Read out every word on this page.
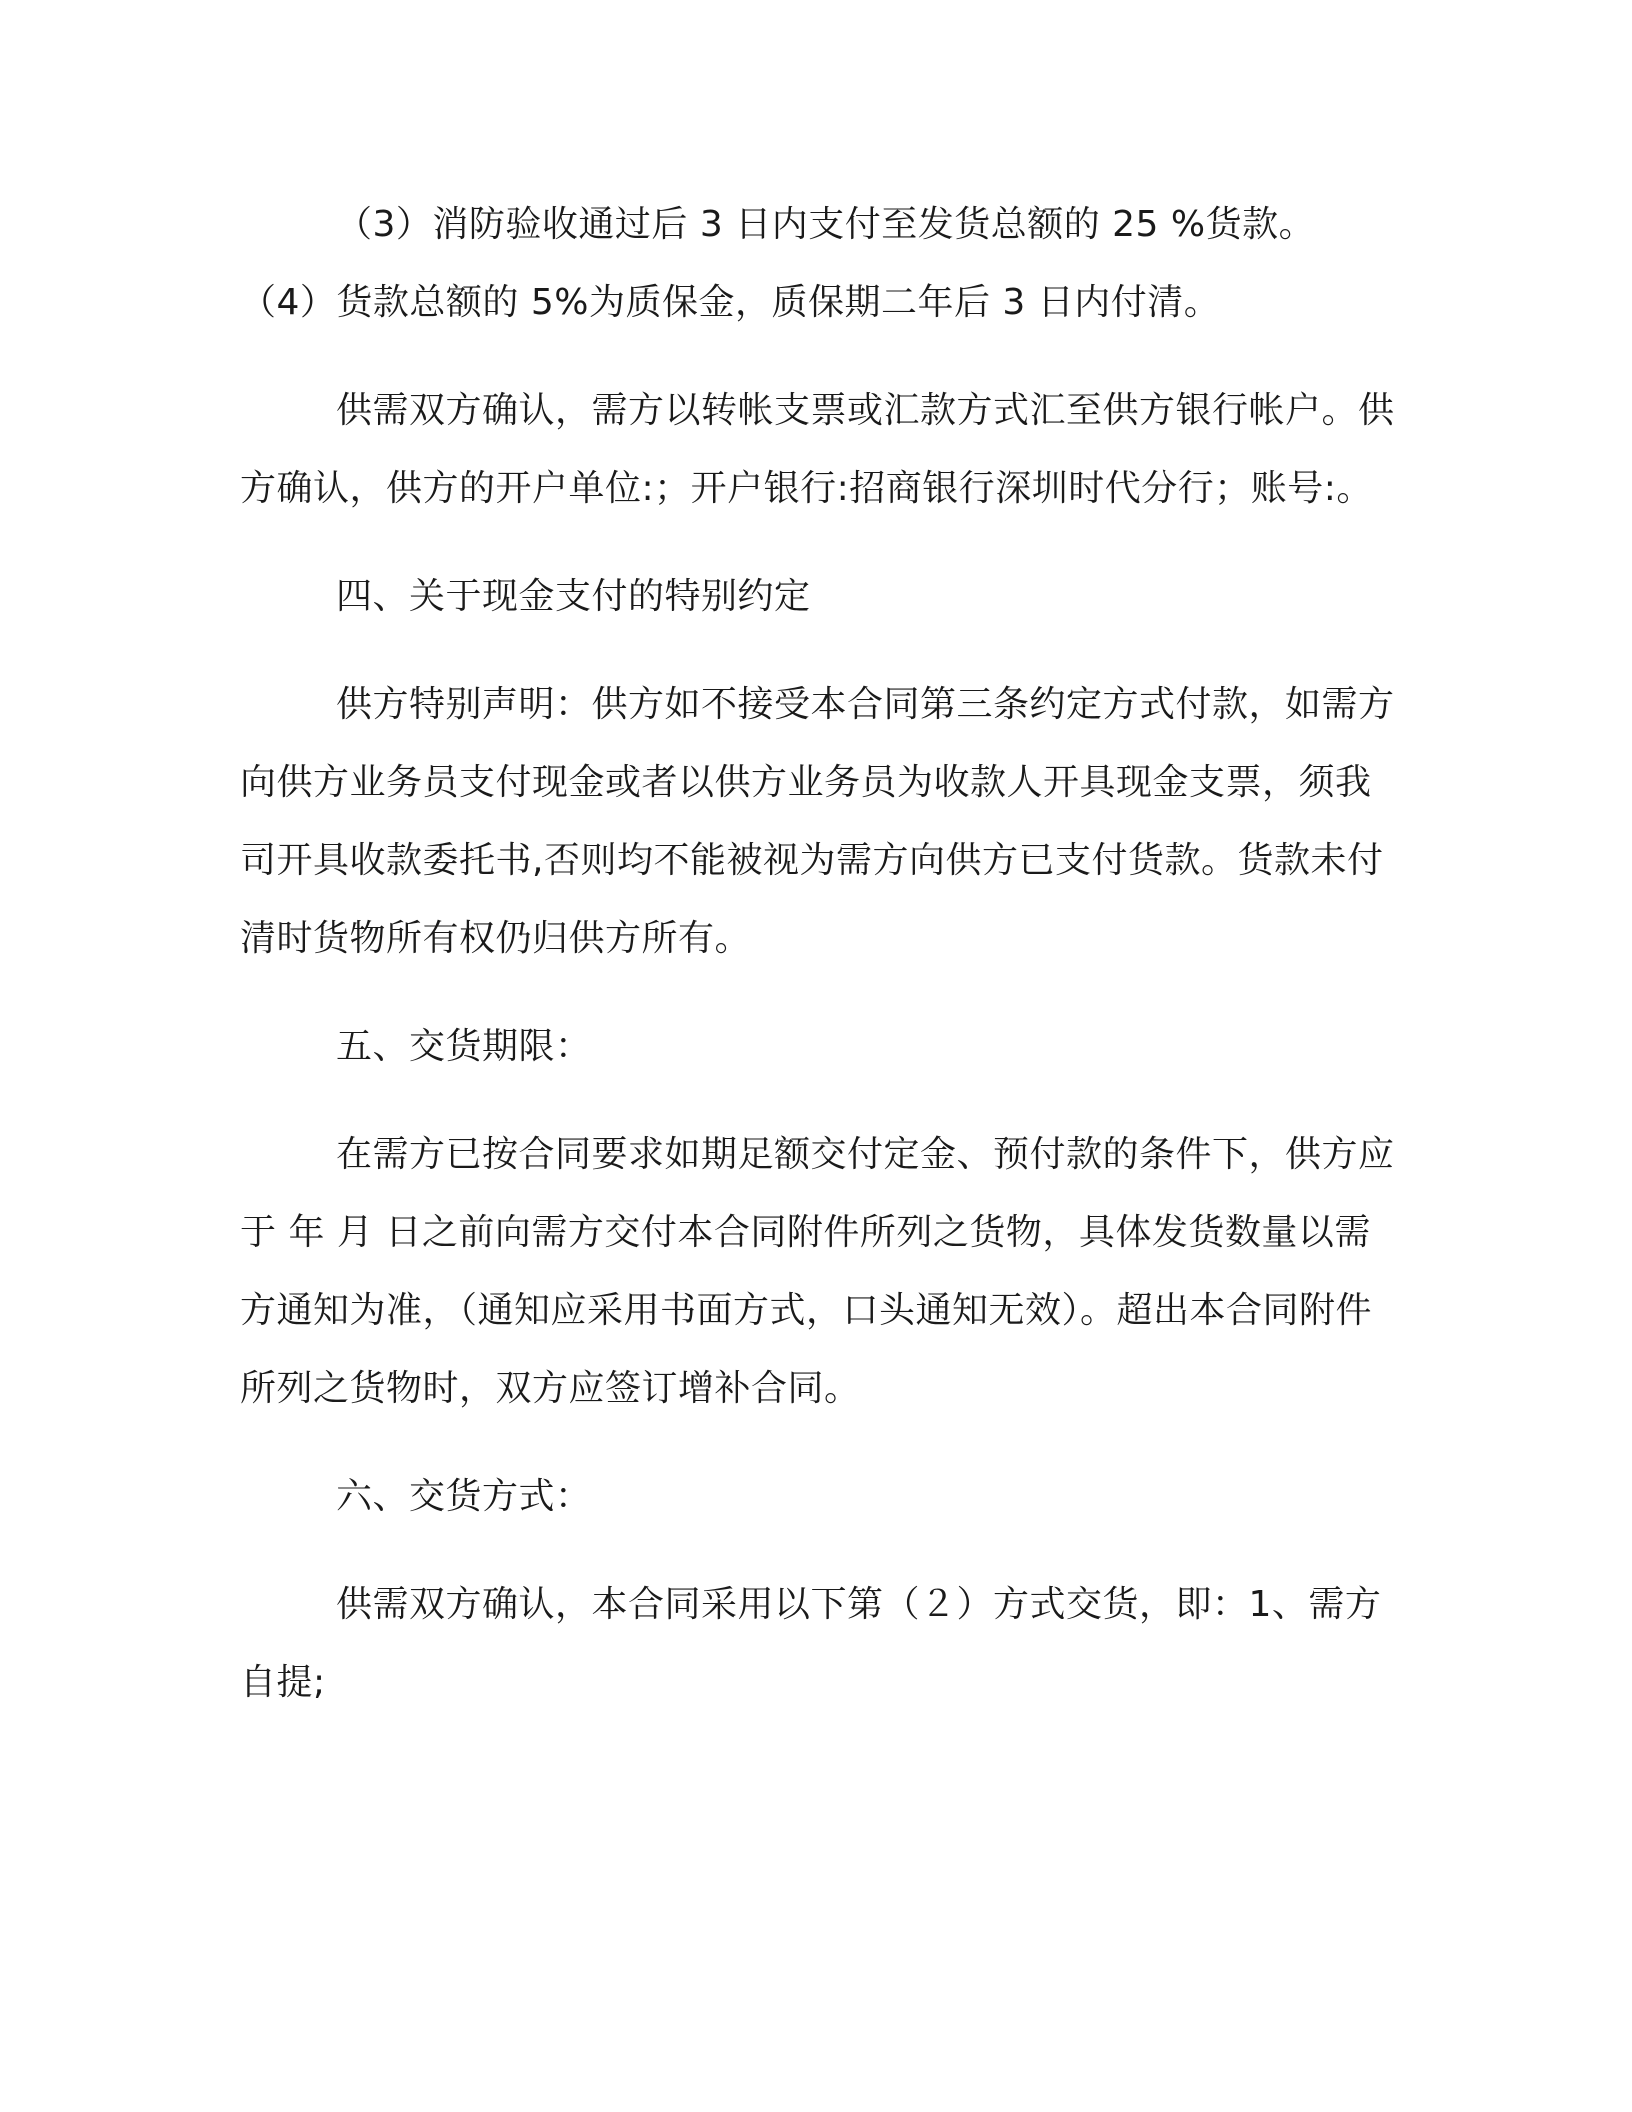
（3）消防验收通过后 3 日内支付至发货总额的 25 %货款。 （4）货款总额的 5%为质保金，质保期二年后 3 日内付清。

供需双方确认，需方以转帐支票或汇款方式汇至供方银行帐户。供方确认，供方的开户单位:；开户银行:招商银行深圳时代分行；账号:。

四、关于现金支付的特别约定

供方特别声明：供方如不接受本合同第三条约定方式付款，如需方向供方业务员支付现金或者以供方业务员为收款人开具现金支票，须我司开具收款委托书,否则均不能被视为需方向供方已支付货款。货款未付清时货物所有权仍归供方所有。

五、交货期限：

在需方已按合同要求如期足额交付定金、预付款的条件下，供方应于 年 月 日之前向需方交付本合同附件所列之货物，具体发货数量以需方通知为准，（通知应采用书面方式，口头通知无效）。超出本合同附件所列之货物时，双方应签订增补合同。

六、交货方式：

供需双方确认，本合同采用以下第（２）方式交货，即：1、需方自提;
